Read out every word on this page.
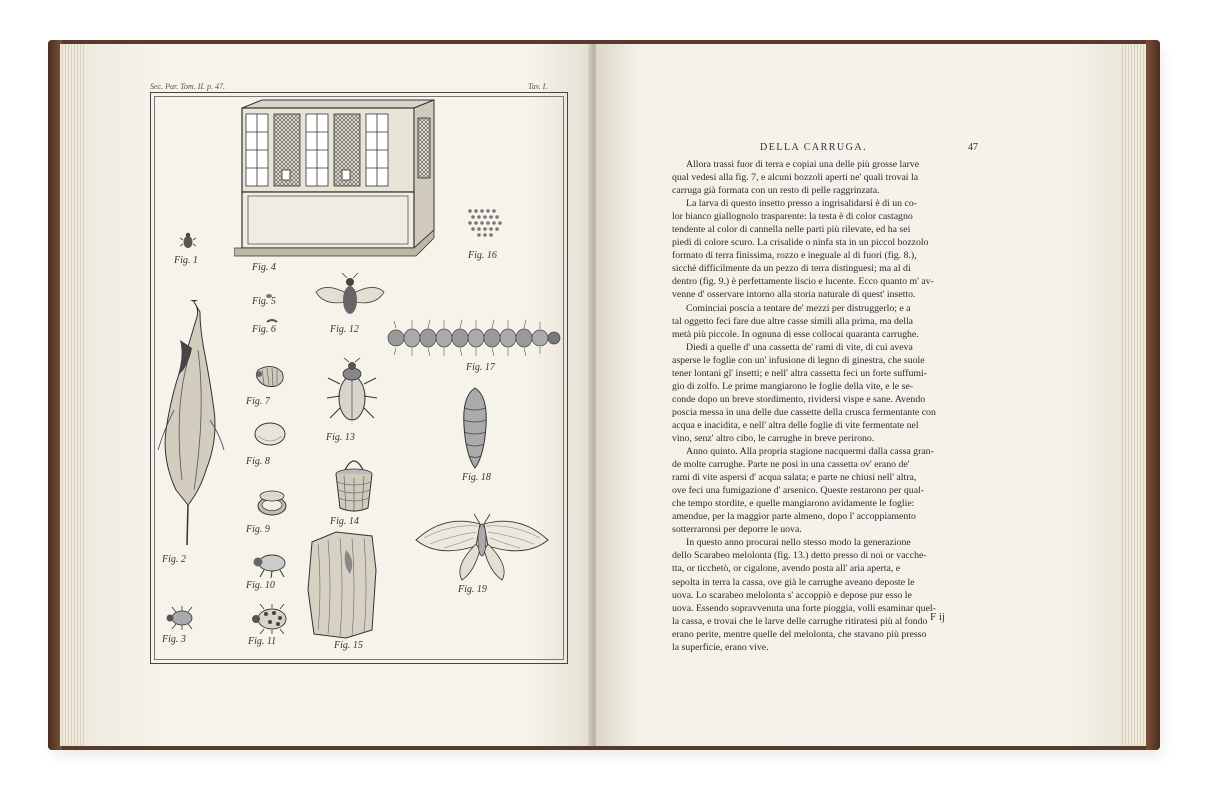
Sec. Par. Tom. II. p. 47.	Tav. I.
Fig. 4
Fig. 1	Fig. 16
Fig. 5
Fig. 6	Fig. 12
Fig. 17
Fig. 2
Fig. 7
Fig. 13
Fig. 18
Fig. 8
Fig. 14
Fig. 9
Fig. 19
Fig. 10
Fig. 15
Fig. 3	Fig. 11
DELLA CARRUGA.	47
Allora trassi fuor di terra e copiai una delle più grosse larve
qual vedesi alla fig. 7, e alcuni bozzoli aperti ne' quali trovai la
carruga già formata con un resto di pelle raggrinzata.
La larva di questo insetto presso a ingrisalidarsi è di un co-
lor bianco giallognolo trasparente: la testa è di color castagno
tendente al color di cannella nelle parti più rilevate, ed ha sei
piedi di colore scuro. La crisalide o ninfa sta in un piccol bozzolo
formato di terra finissima, rozzo e ineguale al di fuori (fig. 8.),
sicchè difficilmente da un pezzo di terra distinguesi; ma al di
dentro (fig. 9.) è perfettamente liscio e lucente. Ecco quanto m' av-
venne d' osservare intorno alla storia naturale di quest' insetto.
Cominciai poscia a tentare de' mezzi per distruggerlo; e a
tal oggetto feci fare due altre casse simili alla prima, ma della
metà più piccole. In ognuna di esse collocai quaranta carrughe.
Diedi a quelle d' una cassetta de' rami di vite, di cui aveva
asperse le foglie con un' infusione di legno di ginestra, che suole
tener lontani gl' insetti; e nell' altra cassetta feci un forte suffumi-
gio di zolfo. Le prime mangiarono le foglie della vite, e le se-
conde dopo un breve stordimento, rividersi vispe e sane. Avendo
poscia messa in una delle due cassette della crusca fermentante con
acqua e inacidita, e nell' altra delle foglie di vite fermentate nel
vino, senz' altro cibo, le carrughe in breve perirono.
Anno quinto. Alla propria stagione nacquermi dalla cassa gran-
de molte carrughe. Parte ne posi in una cassetta ov' erano de'
rami di vite aspersi d' acqua salata; e parte ne chiusi nell' altra,
ove feci una fumigazione d' arsenico. Queste restarono per qual-
che tempo stordite, e quelle mangiarono avidamente le foglie:
amendue, per la maggior parte almeno, dopo l' accoppiamento
sotterraronsi per deporre le uova.
In questo anno procurai nello stesso modo la generazione
dello Scarabeo melolonta (fig. 13.) detto presso di noi or vacche-
tta, or ticchetò, or cigalone, avendo posta all' aria aperta, e
sepolta in terra la cassa, ove già le carrughe aveano deposte le
uova. Lo scarabeo melolonta s' accoppiò e depose pur esso le
uova. Essendo sopravvenuta una forte pioggia, volli esaminar quel-
la cassa, e trovai che le larve delle carrughe ritiratesi più al fondo
erano perite, mentre quelle del melolonta, che stavano più presso
la superficie, erano vive.
F ij
